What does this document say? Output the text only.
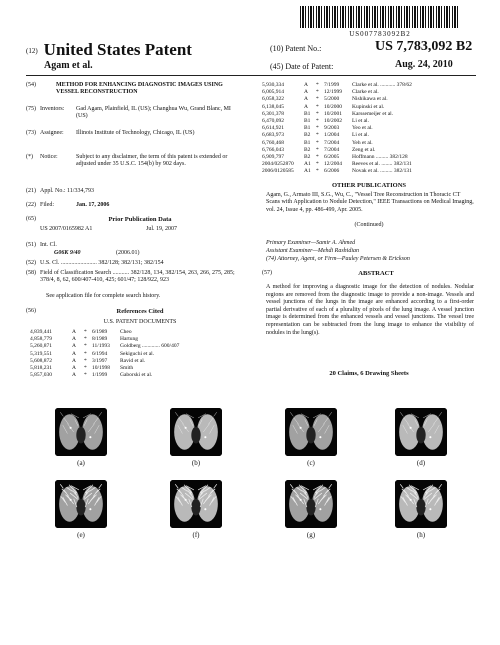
US007783092B2
(12) United States Patent
Agam et al.
(10) Patent No.:	US 7,783,092 B2
(45) Date of Patent:	Aug. 24, 2010
(54)	METHOD FOR ENHANCING DIAGNOSTIC IMAGES USING VESSEL RECONSTRUCTION
(75) Inventors: Gad Agam, Plainfield, IL (US); Changhua Wu, Grand Blanc, MI (US)
(73) Assignee: Illinois Institute of Technology, Chicago, IL (US)
(*) Notice:	Subject to any disclaimer, the term of this patent is extended or adjusted under 35 U.S.C. 154(b) by 902 days.
(21) Appl. No.: 11/334,793
(22) Filed:	Jan. 17, 2006
(65)	Prior Publication Data
US 2007/0165982 A1	Jul. 19, 2007
(51) Int. Cl.
G06K 9/40	(2006.01)
(52) U.S. Cl. ........................ 382/128; 382/131; 382/154
(58) Field of Classification Search ........... 382/128, 134, 382/154, 263, 266, 275, 285; 378/4, 8, 62, 600/407-410, 425; 601/47; 128/922, 923
See application file for complete search history.
(56)	References Cited
U.S. PATENT DOCUMENTS
4,839,441	A	* 6/1989	Cheo
4,858,779	A	* 8/1989	Hartung
5,260,871	A	* 11/1993	Goldberg ............. 600/407
5,319,551	A	* 6/1994	Sekiguchi et al.
5,608,872	A	* 3/1997	Ravid et al.
5,818,231	A	* 10/1998	Smith
5,857,030	A	* 1/1999	Gaborski et al.
5,930,334	A	* 7/1999	Clarke et al. ........... 378/62
6,005,914	A	* 12/1999	Clarke et al.
6,058,322	A	* 5/2000	Nishikawa et al.
6,138,045	A	* 10/2000	Kupinski et al.
6,301,378	B1	* 10/2001	Karssemeijer et al.
6,470,092	B1	* 10/2002	Li et al.
6,614,921	B1	* 9/2003	Yeo et al.
6,683,973	B2	* 1/2004	Li et al.
6,760,468	B1	* 7/2004	Yeh et al.
6,766,043	B2	* 7/2004	Zeng et al.
6,909,797	B2	* 6/2005	Hoffmann ......... 382/128
2004/0252870	A1 * 12/2004	Reeves et al. ........ 382/131
2006/0120585	A1 * 6/2006	Novak et al. ......... 382/131
OTHER PUBLICATIONS
Agam, G., Armato III, S.G., Wu, C., "Vessel Tree Reconstruction in Thoracic CT Scans with Application to Nodule Detection," IEEE Transactions on Medical Imaging, vol. 24, Issue 4, pp. 486-499, Apr. 2005.
(Continued)
Primary Examiner—Samir A. Ahmed
Assistant Examiner—Mehdi Rashidian
(74) Attorney, Agent, or Firm—Pauley Petersen & Erickson
(57)	ABSTRACT
A method for improving a diagnostic image for the detection of nodules. Nodular regions are removed from the diagnostic image to provide a non-image. Vessels and vessel junctions of the lungs in the image are enhanced according to a first-order partial derivative of each of a plurality of pixels of the lung image. A vessel junction image is determined from the enhanced vessels and vessel junctions. The vessel tree representation can be subtracted from the lung image to enhance the visibility of nodules in the lung(s).
20 Claims, 6 Drawing Sheets
(a)	(b)	(c)	(d)
(e)	(f)	(g)	(h)
